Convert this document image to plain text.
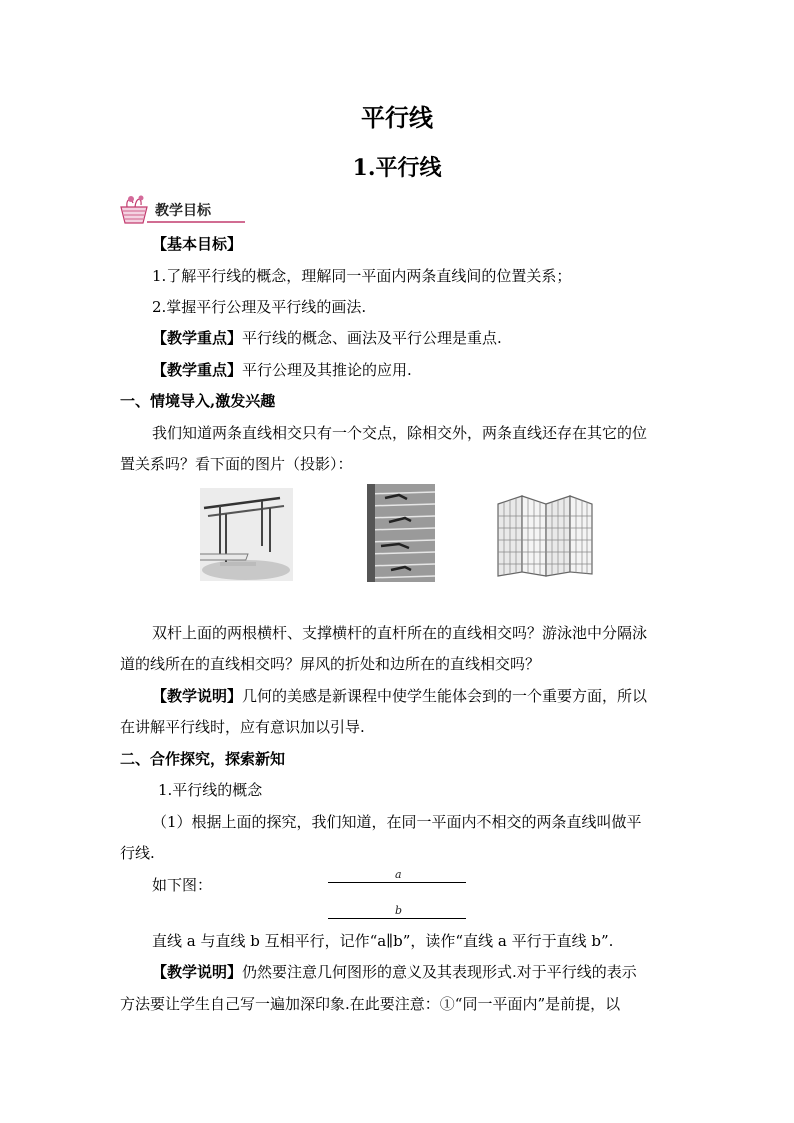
平行线
1.平行线
教学目标
【基本目标】
1.了解平行线的概念，理解同一平面内两条直线间的位置关系；
2.掌握平行公理及平行线的画法.
【教学重点】平行线的概念、画法及平行公理是重点.
【教学重点】平行公理及其推论的应用.
一、情境导入,激发兴趣
我们知道两条直线相交只有一个交点，除相交外，两条直线还存在其它的位
置关系吗？看下面的图片（投影）：
双杆上面的两根横杆、支撑横杆的直杆所在的直线相交吗？游泳池中分隔泳
道的线所在的直线相交吗？屏风的折处和边所在的直线相交吗？
【教学说明】几何的美感是新课程中使学生能体会到的一个重要方面，所以
在讲解平行线时，应有意识加以引导.
二、合作探究，探索新知
1.平行线的概念
（1）根据上面的探究，我们知道，在同一平面内不相交的两条直线叫做平
行线.
如下图：
a
b
直线 a 与直线 b 互相平行，记作“a∥b”，读作“直线 a 平行于直线 b”.
【教学说明】仍然要注意几何图形的意义及其表现形式.对于平行线的表示
方法要让学生自己写一遍加深印象.在此要注意：①“同一平面内”是前提，以
